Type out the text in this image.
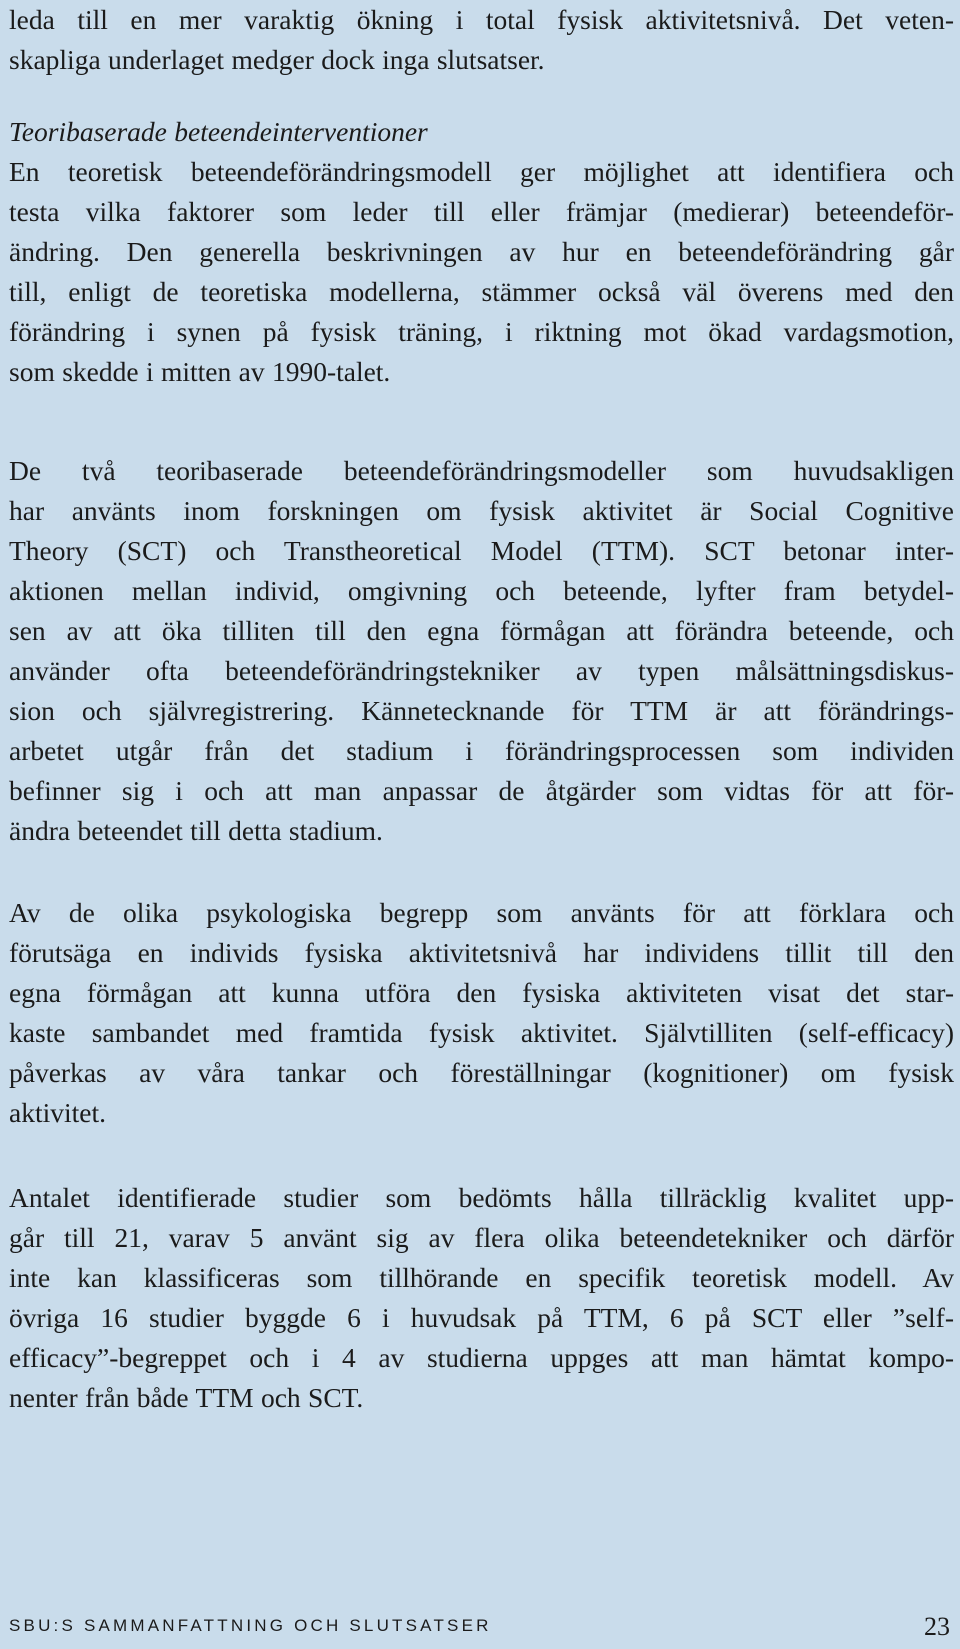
leda till en mer varaktig ökning i total fysisk aktivitetsnivå. Det veten-
skapliga underlaget medger dock inga slutsatser.
Teoribaserade beteendeinterventioner
En teoretisk beteendeförändringsmodell ger möjlighet att identifiera och
testa vilka faktorer som leder till eller främjar (medierar) beteendeför-
ändring. Den generella beskrivningen av hur en beteendeförändring går
till, enligt de teoretiska modellerna, stämmer också väl överens med den
förändring i synen på fysisk träning, i riktning mot ökad vardagsmotion,
som skedde i mitten av 1990-talet.
De två teoribaserade beteendeförändringsmodeller som huvudsakligen
har använts inom forskningen om fysisk aktivitet är Social Cognitive
Theory (SCT) och Transtheoretical Model (TTM). SCT betonar inter-
aktionen mellan individ, omgivning och beteende, lyfter fram betydel-
sen av att öka tilliten till den egna förmågan att förändra beteende, och
använder ofta beteendeförändringstekniker av typen målsättningsdiskus-
sion och självregistrering. Kännetecknande för TTM är att förändrings-
arbetet utgår från det stadium i förändringsprocessen som individen
befinner sig i och att man anpassar de åtgärder som vidtas för att för-
ändra beteendet till detta stadium.
Av de olika psykologiska begrepp som använts för att förklara och
förutsäga en individs fysiska aktivitetsnivå har individens tillit till den
egna förmågan att kunna utföra den fysiska aktiviteten visat det star-
kaste sambandet med framtida fysisk aktivitet. Självtilliten (self-efficacy)
påverkas av våra tankar och föreställningar (kognitioner) om fysisk
aktivitet.
Antalet identifierade studier som bedömts hålla tillräcklig kvalitet upp-
går till 21, varav 5 använt sig av flera olika beteendetekniker och därför
inte kan klassificeras som tillhörande en specifik teoretisk modell. Av
övriga 16 studier byggde 6 i huvudsak på TTM, 6 på SCT eller ”self-
efficacy”-begreppet och i 4 av studierna uppges att man hämtat kompo-
nenter från både TTM och SCT.
SBU:S SAMMANFATTNING OCH SLUTSATSER	23
